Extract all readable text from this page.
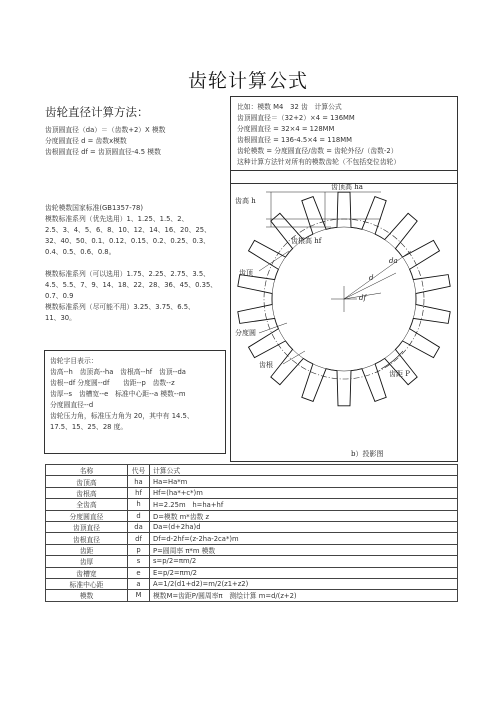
齿轮计算公式
齿轮直径计算方法：
齿顶圆直径（da）＝（齿数+2）X 模数
分度圆直径 d = 齿数x模数
齿根圆直径 df = 齿顶圆直径-4.5 模数
比如：模数 M4　32 齿　计算公式
齿顶圆直径＝（32+2）×4 = 136MM
分度圆直径 = 32×4 = 128MM
齿根圆直径 = 136-4.5×4 = 118MM
齿轮模数 = 分度圆直径/齿数 = 齿轮外径/（齿数-2）
这种计算方法针对所有的模数齿轮（不包括变位齿轮）
齿轮模数国家标准(GB1357-78)
模数标准系列（优先选用）1、1.25、1.5、2、
2.5、3、4、5、6、8、10、12、14、16、20、25、
32、40、50、0.1、0.12、0.15、0.2、0.25、0.3、
0.4、0.5、0.6、0.8。
模数标准系列（可以选用）1.75、2.25、2.75、3.5、
4.5、5.5、7、9、14、18、22、28、36、45、0.35、
0.7、0.9
模数标准系列（尽可能不用）3.25、3.75、6.5、
11、30。
齿轮字目表示：
齿高--h　齿顶高--ha　齿根高--hf　齿顶--da
齿根--df 分度圆--df　　齿距--p　齿数--z
齿厚--s　齿槽宽--e　标准中心距--a 模数--m
分度圆直径--d
齿轮压力角，标准压力角为 20，其中有 14.5、
17.5、15、25、28 度。
齿高 h
齿顶高 ha
齿根高 hf
齿顶
da
d
df
分度圆
齿根
齿距 P
b）投影图
名称	代号	计算公式
齿顶高	ha	Ha=Ha*m
齿根高	hf	Hf=(ha*+c*)m
全齿高	h	H=2.25m　h=ha+hf
分度圆直径	d	D=模数 m*齿数 z
齿顶直径	da	Da=(d+2ha)d
齿根直径	df	Df=d-2hf=(z-2ha-2ca*)m
齿距	p	P=圆周率 π*m 模数
齿厚	s	s=p/2=πm/2
齿槽宽	e	E=p/2=πm/2
标准中心距	a	A=1/2(d1+d2)=m/2(z1+z2)
模数	M	模数M=齿距P/圆周率π　测绘计算 m=d/(z+2)
